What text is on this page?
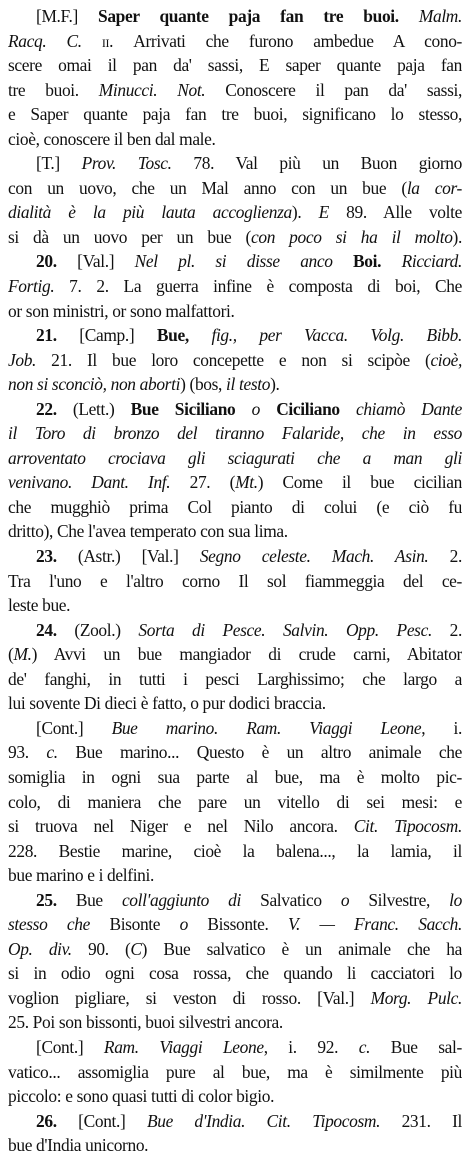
[M.F.] Saper quante paja fan tre buoi. Malm.
Racq. C. ii. Arrivati che furono ambedue A cono-
scere omai il pan da' sassi, E saper quante paja fan
tre buoi. Minucci. Not. Conoscere il pan da' sassi,
e Saper quante paja fan tre buoi, significano lo stesso,
cioè, conoscere il ben dal male.
[T.] Prov. Tosc. 78. Val più un Buon giorno
con un uovo, che un Mal anno con un bue (la cor-
dialità è la più lauta accoglienza). E 89. Alle volte
si dà un uovo per un bue (con poco si ha il molto).
20. [Val.] Nel pl. si disse anco Boi. Ricciard.
Fortig. 7. 2. La guerra infine è composta di boi, Che
or son ministri, or sono malfattori.
21. [Camp.] Bue, fig., per Vacca. Volg. Bibb.
Job. 21. Il bue loro concepette e non si scipòe (cioè,
non si sconciò, non aborti) (bos, il testo).
22. (Lett.) Bue Siciliano o Ciciliano chiamò Dante
il Toro di bronzo del tiranno Falaride, che in esso
arroventato crociava gli sciagurati che a man gli
venivano. Dant. Inf. 27. (Mt.) Come il bue cicilian
che mugghiò prima Col pianto di colui (e ciò fu
dritto), Che l'avea temperato con sua lima.
23. (Astr.) [Val.] Segno celeste. Mach. Asin. 2.
Tra l'uno e l'altro corno Il sol fiammeggia del ce-
leste bue.
24. (Zool.) Sorta di Pesce. Salvin. Opp. Pesc. 2.
(M.) Avvi un bue mangiador di crude carni, Abitator
de' fanghi, in tutti i pesci Larghissimo; che largo a
lui sovente Di dieci è fatto, o pur dodici braccia.
[Cont.] Bue marino. Ram. Viaggi Leone, i.
93. c. Bue marino... Questo è un altro animale che
somiglia in ogni sua parte al bue, ma è molto pic-
colo, di maniera che pare un vitello di sei mesi: e
si truova nel Niger e nel Nilo ancora. Cit. Tipocosm.
228. Bestie marine, cioè la balena..., la lamia, il
bue marino e i delfini.
25. Bue coll'aggiunto di Salvatico o Silvestre, lo
stesso che Bisonte o Bissonte. V. — Franc. Sacch.
Op. div. 90. (C) Bue salvatico è un animale che ha
si in odio ogni cosa rossa, che quando li cacciatori lo
voglion pigliare, si veston di rosso. [Val.] Morg. Pulc.
25. Poi son bissonti, buoi silvestri ancora.
[Cont.] Ram. Viaggi Leone, i. 92. c. Bue sal-
vatico... assomiglia pure al bue, ma è similmente più
piccolo: e sono quasi tutti di color bigio.
26. [Cont.] Bue d'India. Cit. Tipocosm. 231. Il
bue d'India unicorno.
